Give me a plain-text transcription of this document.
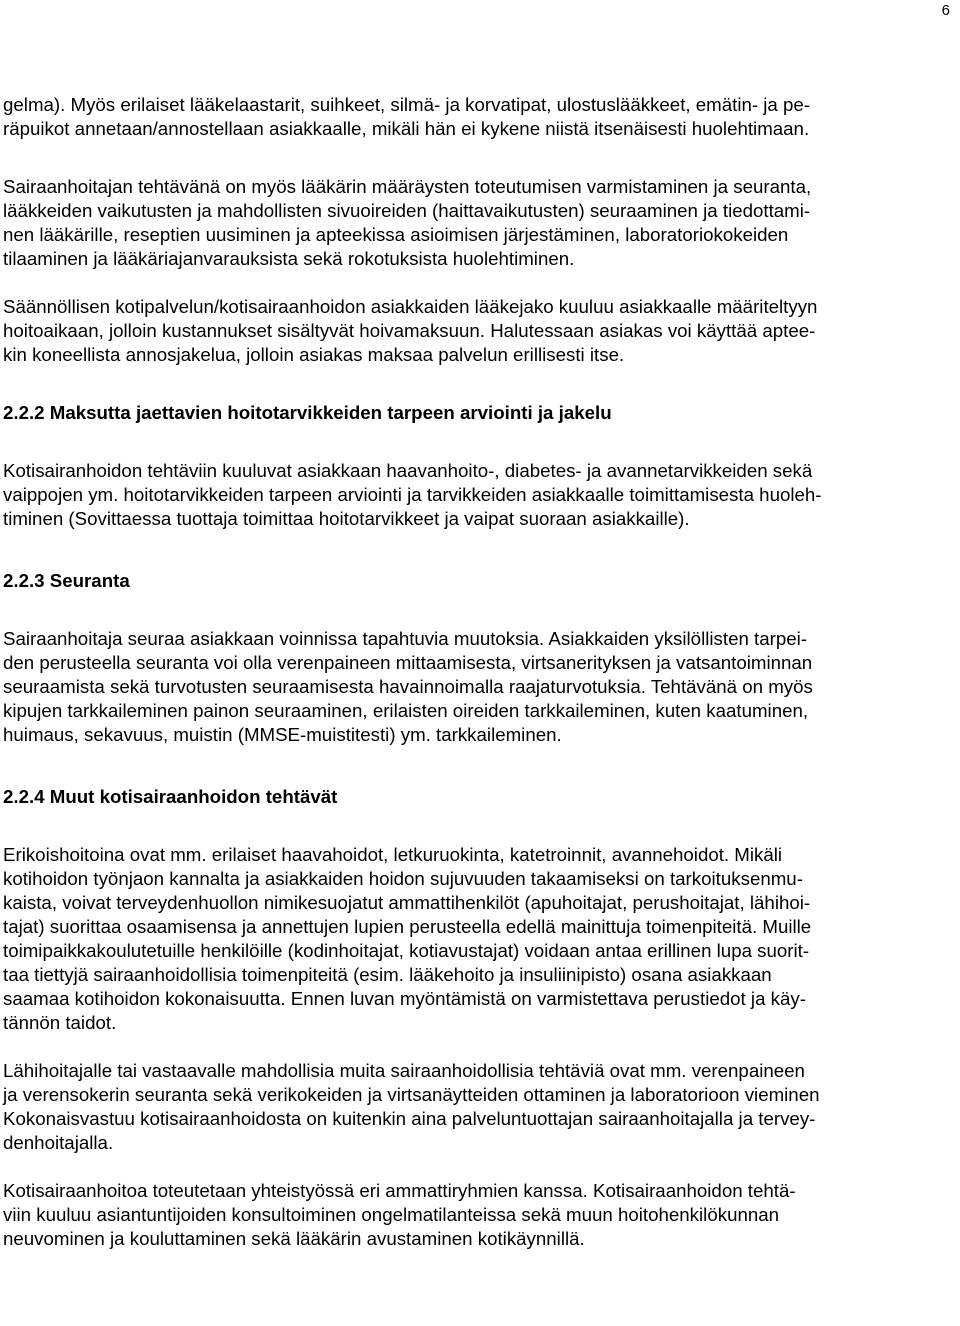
6

gelma). Myös erilaiset lääkelaastarit, suihkeet, silmä- ja korvatipat, ulostuslääkkeet, emätin- ja pe-
räpuikot annetaan/annostellaan asiakkaalle, mikäli hän ei kykene niistä itsenäisesti huolehtimaan.

Sairaanhoitajan tehtävänä on myös lääkärin määräysten toteutumisen varmistaminen ja seuranta,
lääkkeiden vaikutusten ja mahdollisten sivuoireiden (haittavaikutusten) seuraaminen ja tiedottami-
nen lääkärille, reseptien uusiminen ja apteekissa asioimisen järjestäminen, laboratoriokokeiden
tilaaminen ja lääkäriajanvarauksista sekä rokotuksista huolehtiminen.

Säännöllisen kotipalvelun/kotisairaanhoidon asiakkaiden lääkejako kuuluu asiakkaalle määriteltyyn
hoitoaikaan, jolloin kustannukset sisältyvät hoivamaksuun. Halutessaan asiakas voi käyttää aptee-
kin koneellista annosjakelua, jolloin asiakas maksaa palvelun erillisesti itse.

2.2.2 Maksutta jaettavien hoitotarvikkeiden tarpeen arviointi ja jakelu

Kotisairanhoidon tehtäviin kuuluvat asiakkaan haavanhoito-, diabetes- ja avannetarvikkeiden sekä
vaippojen ym. hoitotarvikkeiden tarpeen arviointi ja tarvikkeiden asiakkaalle toimittamisesta huoleh-
timinen (Sovittaessa tuottaja toimittaa hoitotarvikkeet ja vaipat suoraan asiakkaille).

2.2.3 Seuranta

Sairaanhoitaja seuraa asiakkaan voinnissa tapahtuvia muutoksia. Asiakkaiden yksilöllisten tarpei-
den perusteella seuranta voi olla verenpaineen mittaamisesta, virtsanerityksen ja vatsantoiminnan
seuraamista sekä turvotusten seuraamisesta havainnoimalla raajaturvotuksia. Tehtävänä on myös
kipujen tarkkaileminen painon seuraaminen, erilaisten oireiden tarkkaileminen, kuten kaatuminen,
huimaus, sekavuus, muistin (MMSE-muistitesti) ym. tarkkaileminen.

2.2.4 Muut kotisairaanhoidon tehtävät

Erikoishoitoina ovat mm. erilaiset haavahoidot, letkuruokinta, katetroinnit, avannehoidot. Mikäli
kotihoidon työnjaon kannalta ja asiakkaiden hoidon sujuvuuden takaamiseksi on tarkoituksenmu-
kaista, voivat terveydenhuollon nimikesuojatut ammattihenkilöt (apuhoitajat, perushoitajat, lähihoi-
tajat) suorittaa osaamisensa ja annettujen lupien perusteella edellä mainittuja toimenpiteitä. Muille
toimipaikkakoulutetuille henkilöille (kodinhoitajat, kotiavustajat) voidaan antaa erillinen lupa suorit-
taa tiettyjä sairaanhoidollisia toimenpiteitä (esim. lääkehoito ja insuliinipisto) osana asiakkaan
saamaa kotihoidon kokonaisuutta. Ennen luvan myöntämistä on varmistettava perustiedot ja käy-
tännön taidot.

Lähihoitajalle tai vastaavalle mahdollisia muita sairaanhoidollisia tehtäviä ovat mm. verenpaineen
ja verensokerin seuranta sekä verikokeiden ja virtsanäytteiden ottaminen ja laboratorioon vieminen
Kokonaisvastuu kotisairaanhoidosta on kuitenkin aina palveluntuottajan sairaanhoitajalla ja tervey-
denhoitajalla.

Kotisairaanhoitoa toteutetaan yhteistyössä eri ammattiryhmien kanssa. Kotisairaanhoidon tehtä-
viin kuuluu asiantuntijoiden konsultoiminen ongelmatilanteissa sekä muun hoitohenkilökunnan
neuvominen ja kouluttaminen sekä lääkärin avustaminen kotikäynnillä.
